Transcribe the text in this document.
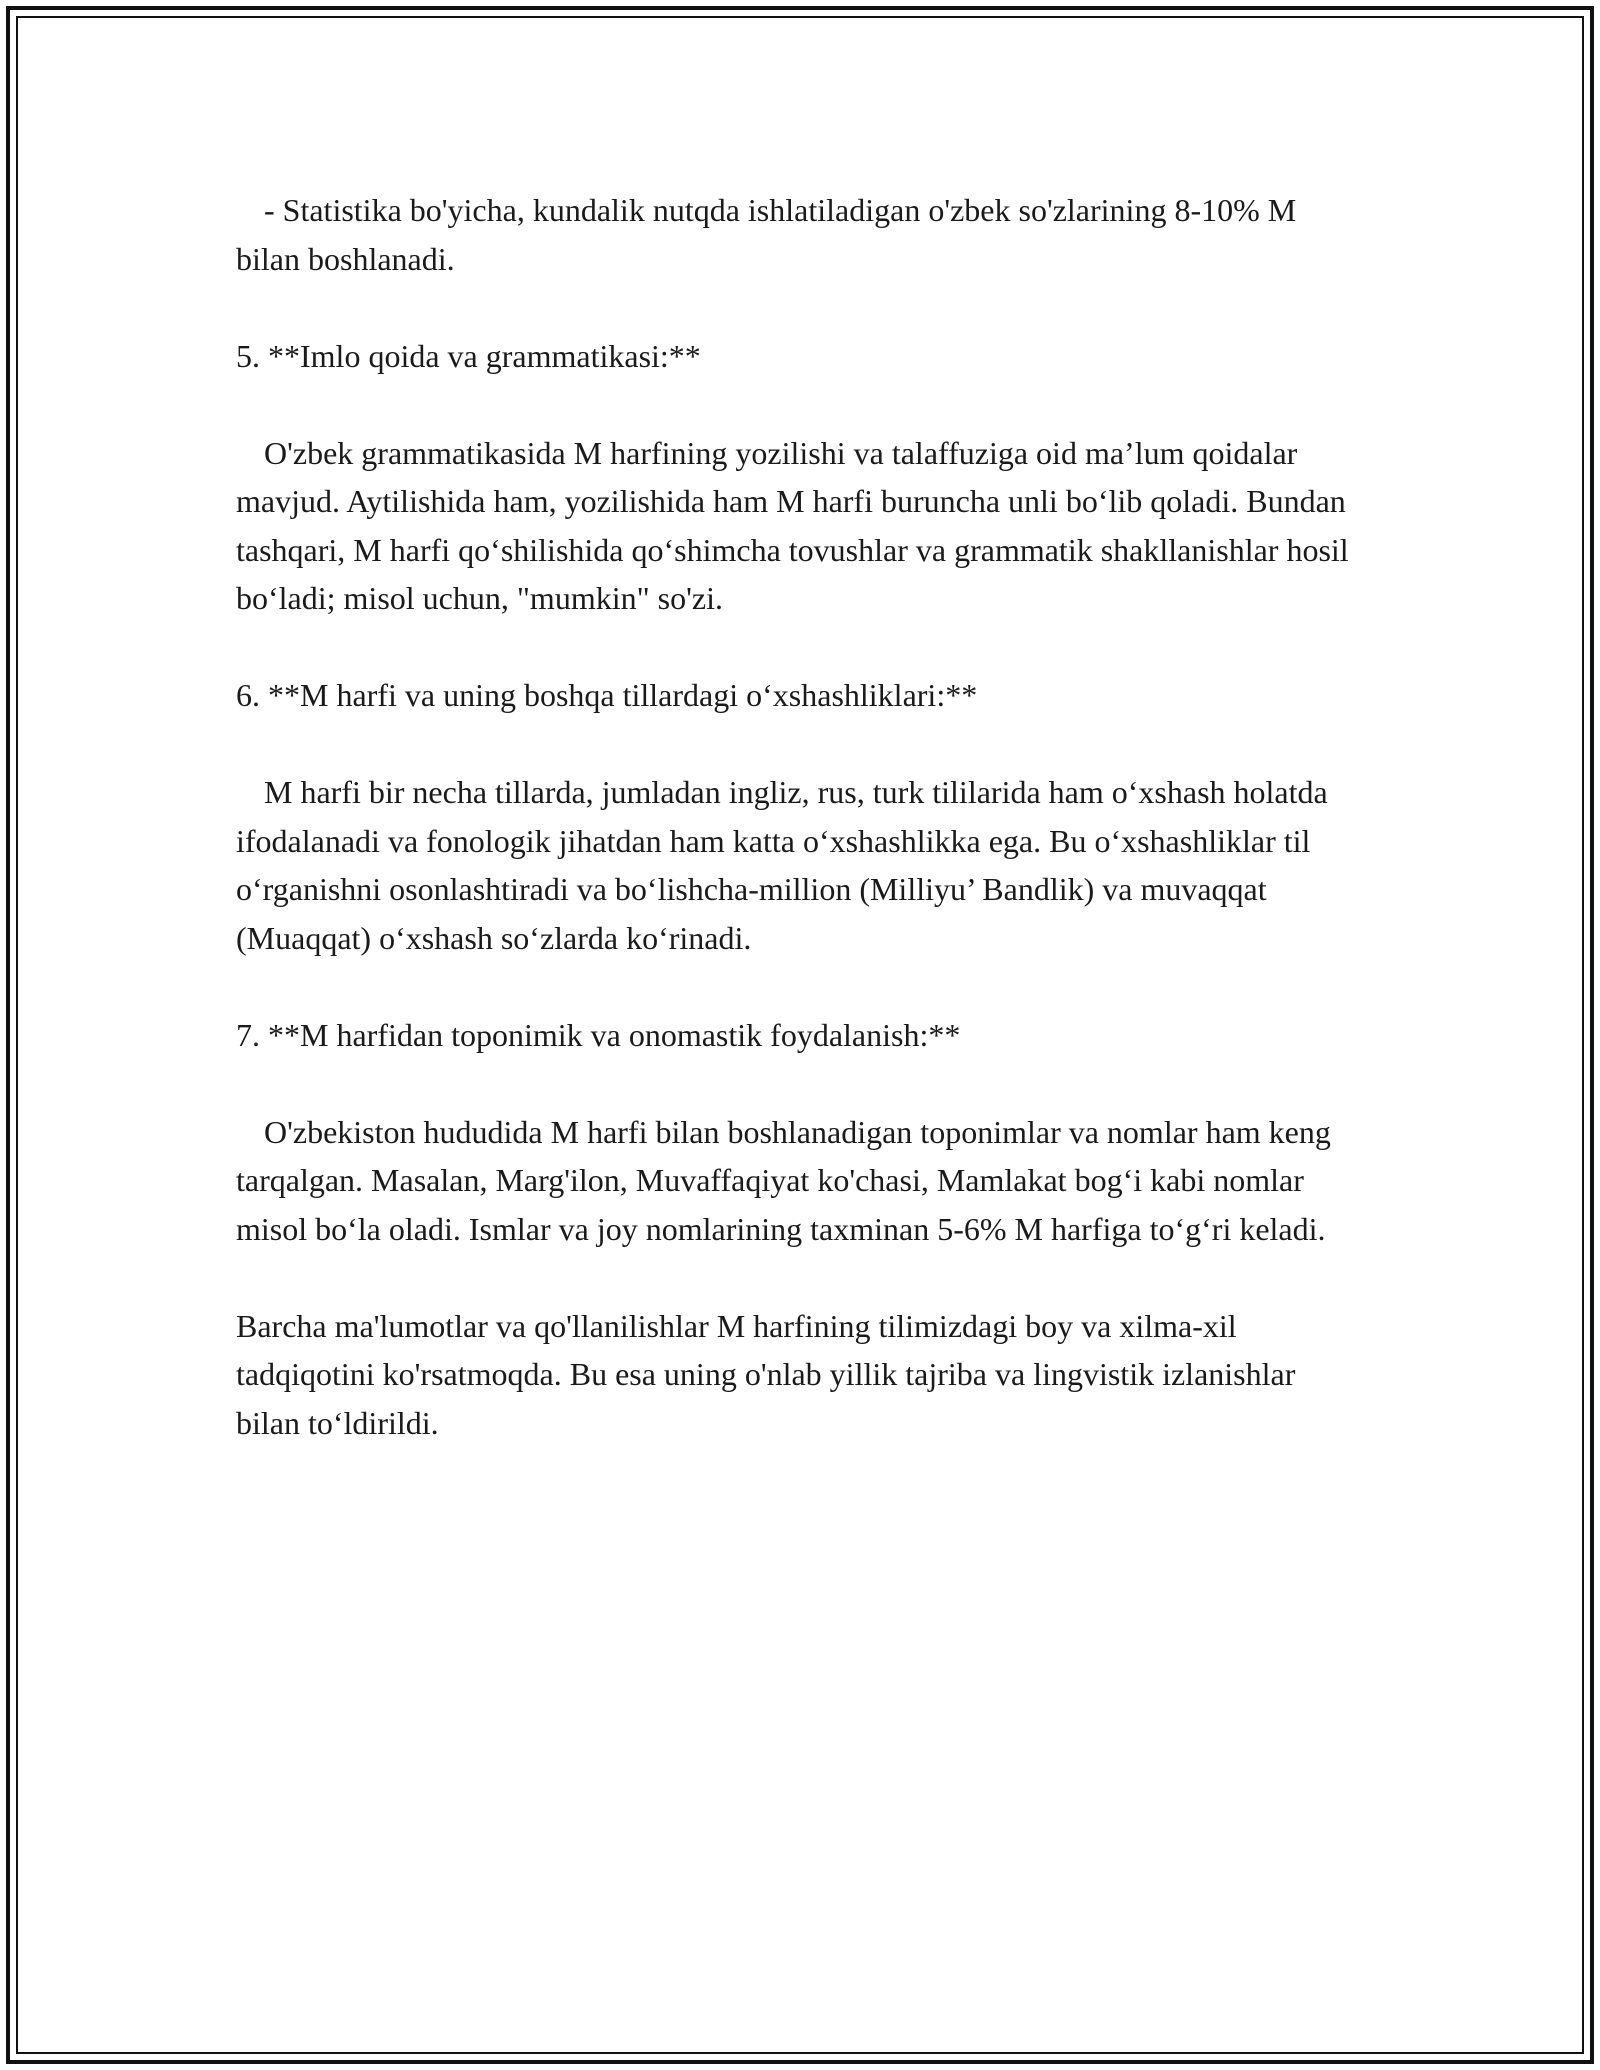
- Statistika bo'yicha, kundalik nutqda ishlatiladigan o'zbek so'zlarining 8-10% M bilan boshlanadi.

5. **Imlo qoida va grammatikasi:**

O'zbek grammatikasida M harfining yozilishi va talaffuziga oid ma’lum qoidalar mavjud. Aytilishida ham, yozilishida ham M harfi buruncha unli bo‘lib qoladi. Bundan tashqari, M harfi qo‘shilishida qo‘shimcha tovushlar va grammatik shakllanishlar hosil bo‘ladi; misol uchun, "mumkin" so'zi.

6. **M harfi va uning boshqa tillardagi o‘xshashliklari:**

M harfi bir necha tillarda, jumladan ingliz, rus, turk tililarida ham o‘xshash holatda ifodalanadi va fonologik jihatdan ham katta o‘xshashlikka ega. Bu o‘xshashliklar til o‘rganishni osonlashtiradi va bo‘lishcha-million (Milliyu’ Bandlik) va muvaqqat (Muaqqat) o‘xshash so‘zlarda ko‘rinadi.

7. **M harfidan toponimik va onomastik foydalanish:**

O'zbekiston hududida M harfi bilan boshlanadigan toponimlar va nomlar ham keng tarqalgan. Masalan, Marg'ilon, Muvaffaqiyat ko'chasi, Mamlakat bog‘i kabi nomlar misol bo‘la oladi. Ismlar va joy nomlarining taxminan 5-6% M harfiga to‘g‘ri keladi.

Barcha ma'lumotlar va qo'llanilishlar M harfining tilimizdagi boy va xilma-xil tadqiqotini ko'rsatmoqda. Bu esa uning o'nlab yillik tajriba va lingvistik izlanishlar bilan to‘ldirildi.
